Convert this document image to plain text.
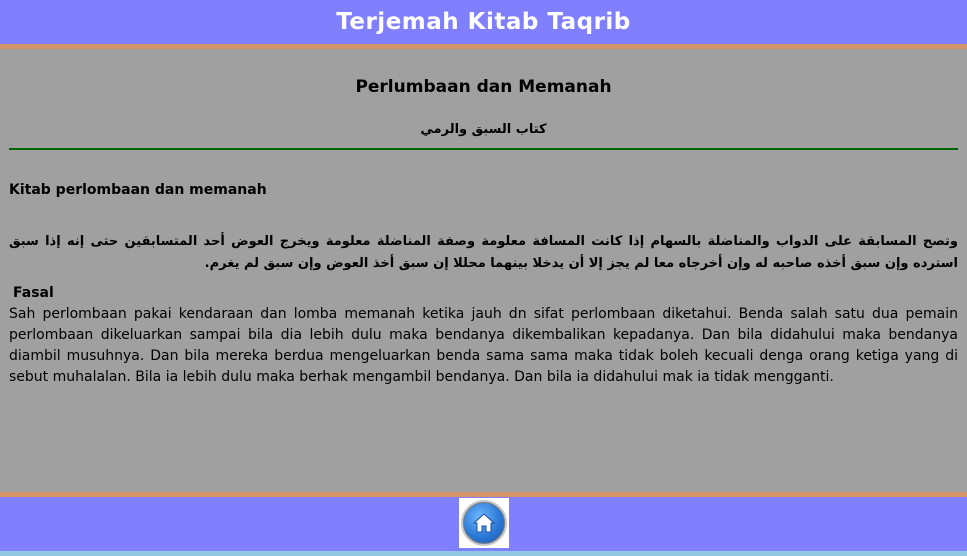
Terjemah Kitab Taqrib
Perlumbaan dan Memanah
كتاب السبق والرمي
Kitab perlombaan dan memanah
وتصح المسابقة على الدواب والمناضلة بالسهام إذا كانت المسافة معلومة وصفة المناضلة معلومة ويخرج العوض أحد المتسابقين حتى إنه إذا سبق استرده وإن سبق أخذه صاحبه له وإن أخرجاه معا لم يجز إلا أن يدخلا بينهما محللا إن سبق أخذ العوض وإن سبق لم يغرم.
Fasal
Sah perlombaan pakai kendaraan dan lomba memanah ketika jauh dn sifat perlombaan diketahui. Benda salah satu dua pemain perlombaan dikeluarkan sampai bila dia lebih dulu maka bendanya dikembalikan kepadanya. Dan bila didahului maka bendanya diambil musuhnya. Dan bila mereka berdua mengeluarkan benda sama sama maka tidak boleh kecuali denga orang ketiga yang di sebut muhalalan. Bila ia lebih dulu maka berhak mengambil bendanya. Dan bila ia didahului mak ia tidak mengganti.
